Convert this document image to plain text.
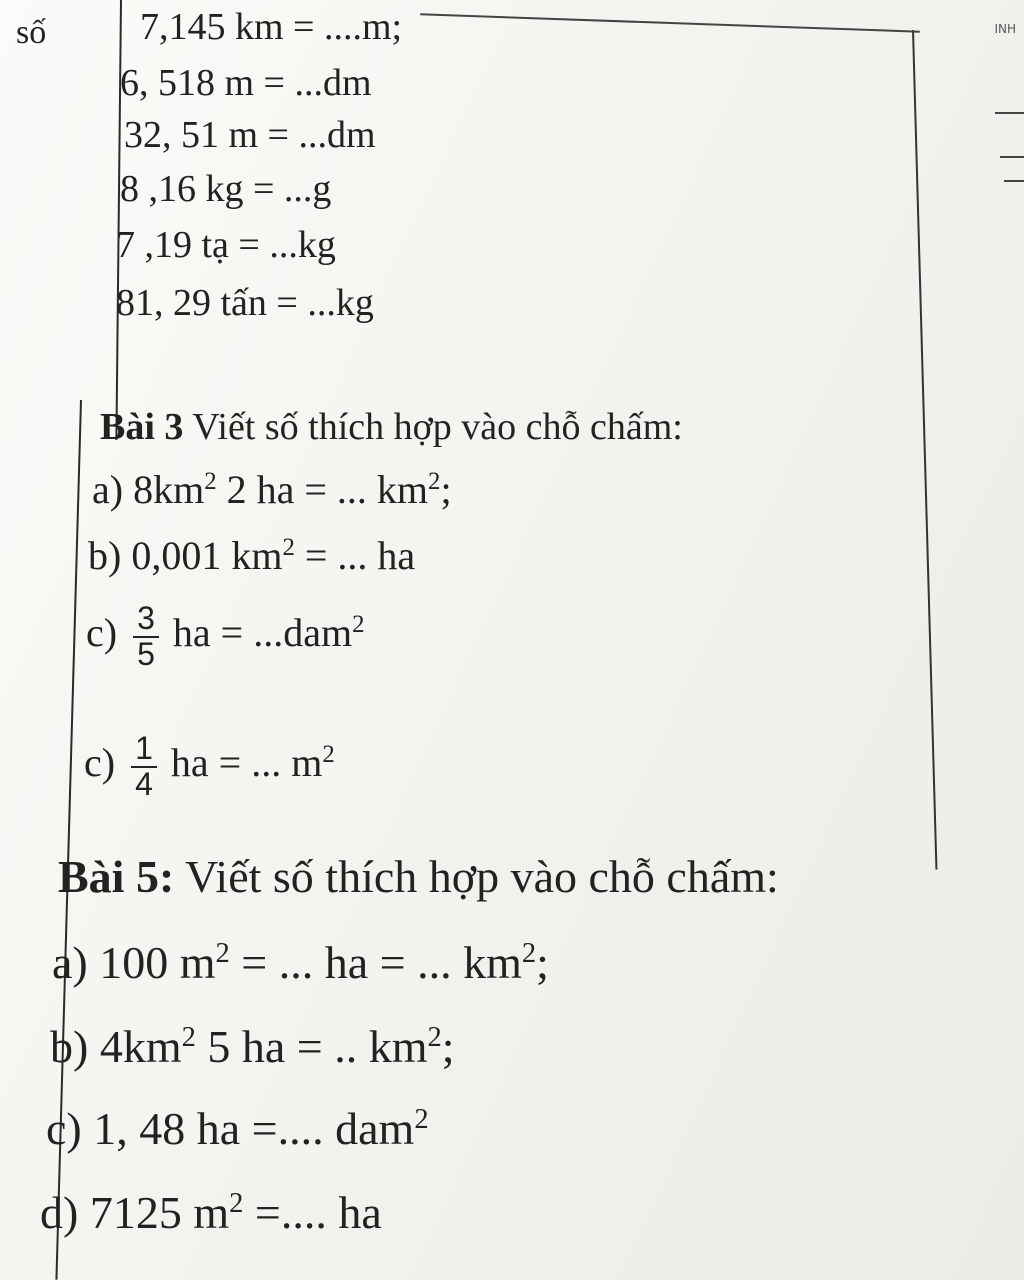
INH
số 7,145 km = ....m;
6, 518 m = ...dm
32, 51 m = ...dm
8 ,16 kg = ...g
7 ,19 tạ = ...kg
81, 29 tấn = ...kg
Bài 3 Viết số thích hợp vào chỗ chấm:
a) $8km^2$ 2 ha = ... $km^2$;
b) 0,001 $km^2$ = ... ha
$c) \frac{3}{5}$ ha = ...dam$^2$
$c) \frac{1}{4}$ ha = ... $m^2$
Bài 5: Viết số thích hợp vào chỗ chấm:
a) 100 $m^2$ = ... ha = ... $km^2$;
b) $4km^2$ 5 ha = .. $km^2$;
c) 1, 48 ha =.... dam$^2$
d) 7125 $m^2$ =.... ha
